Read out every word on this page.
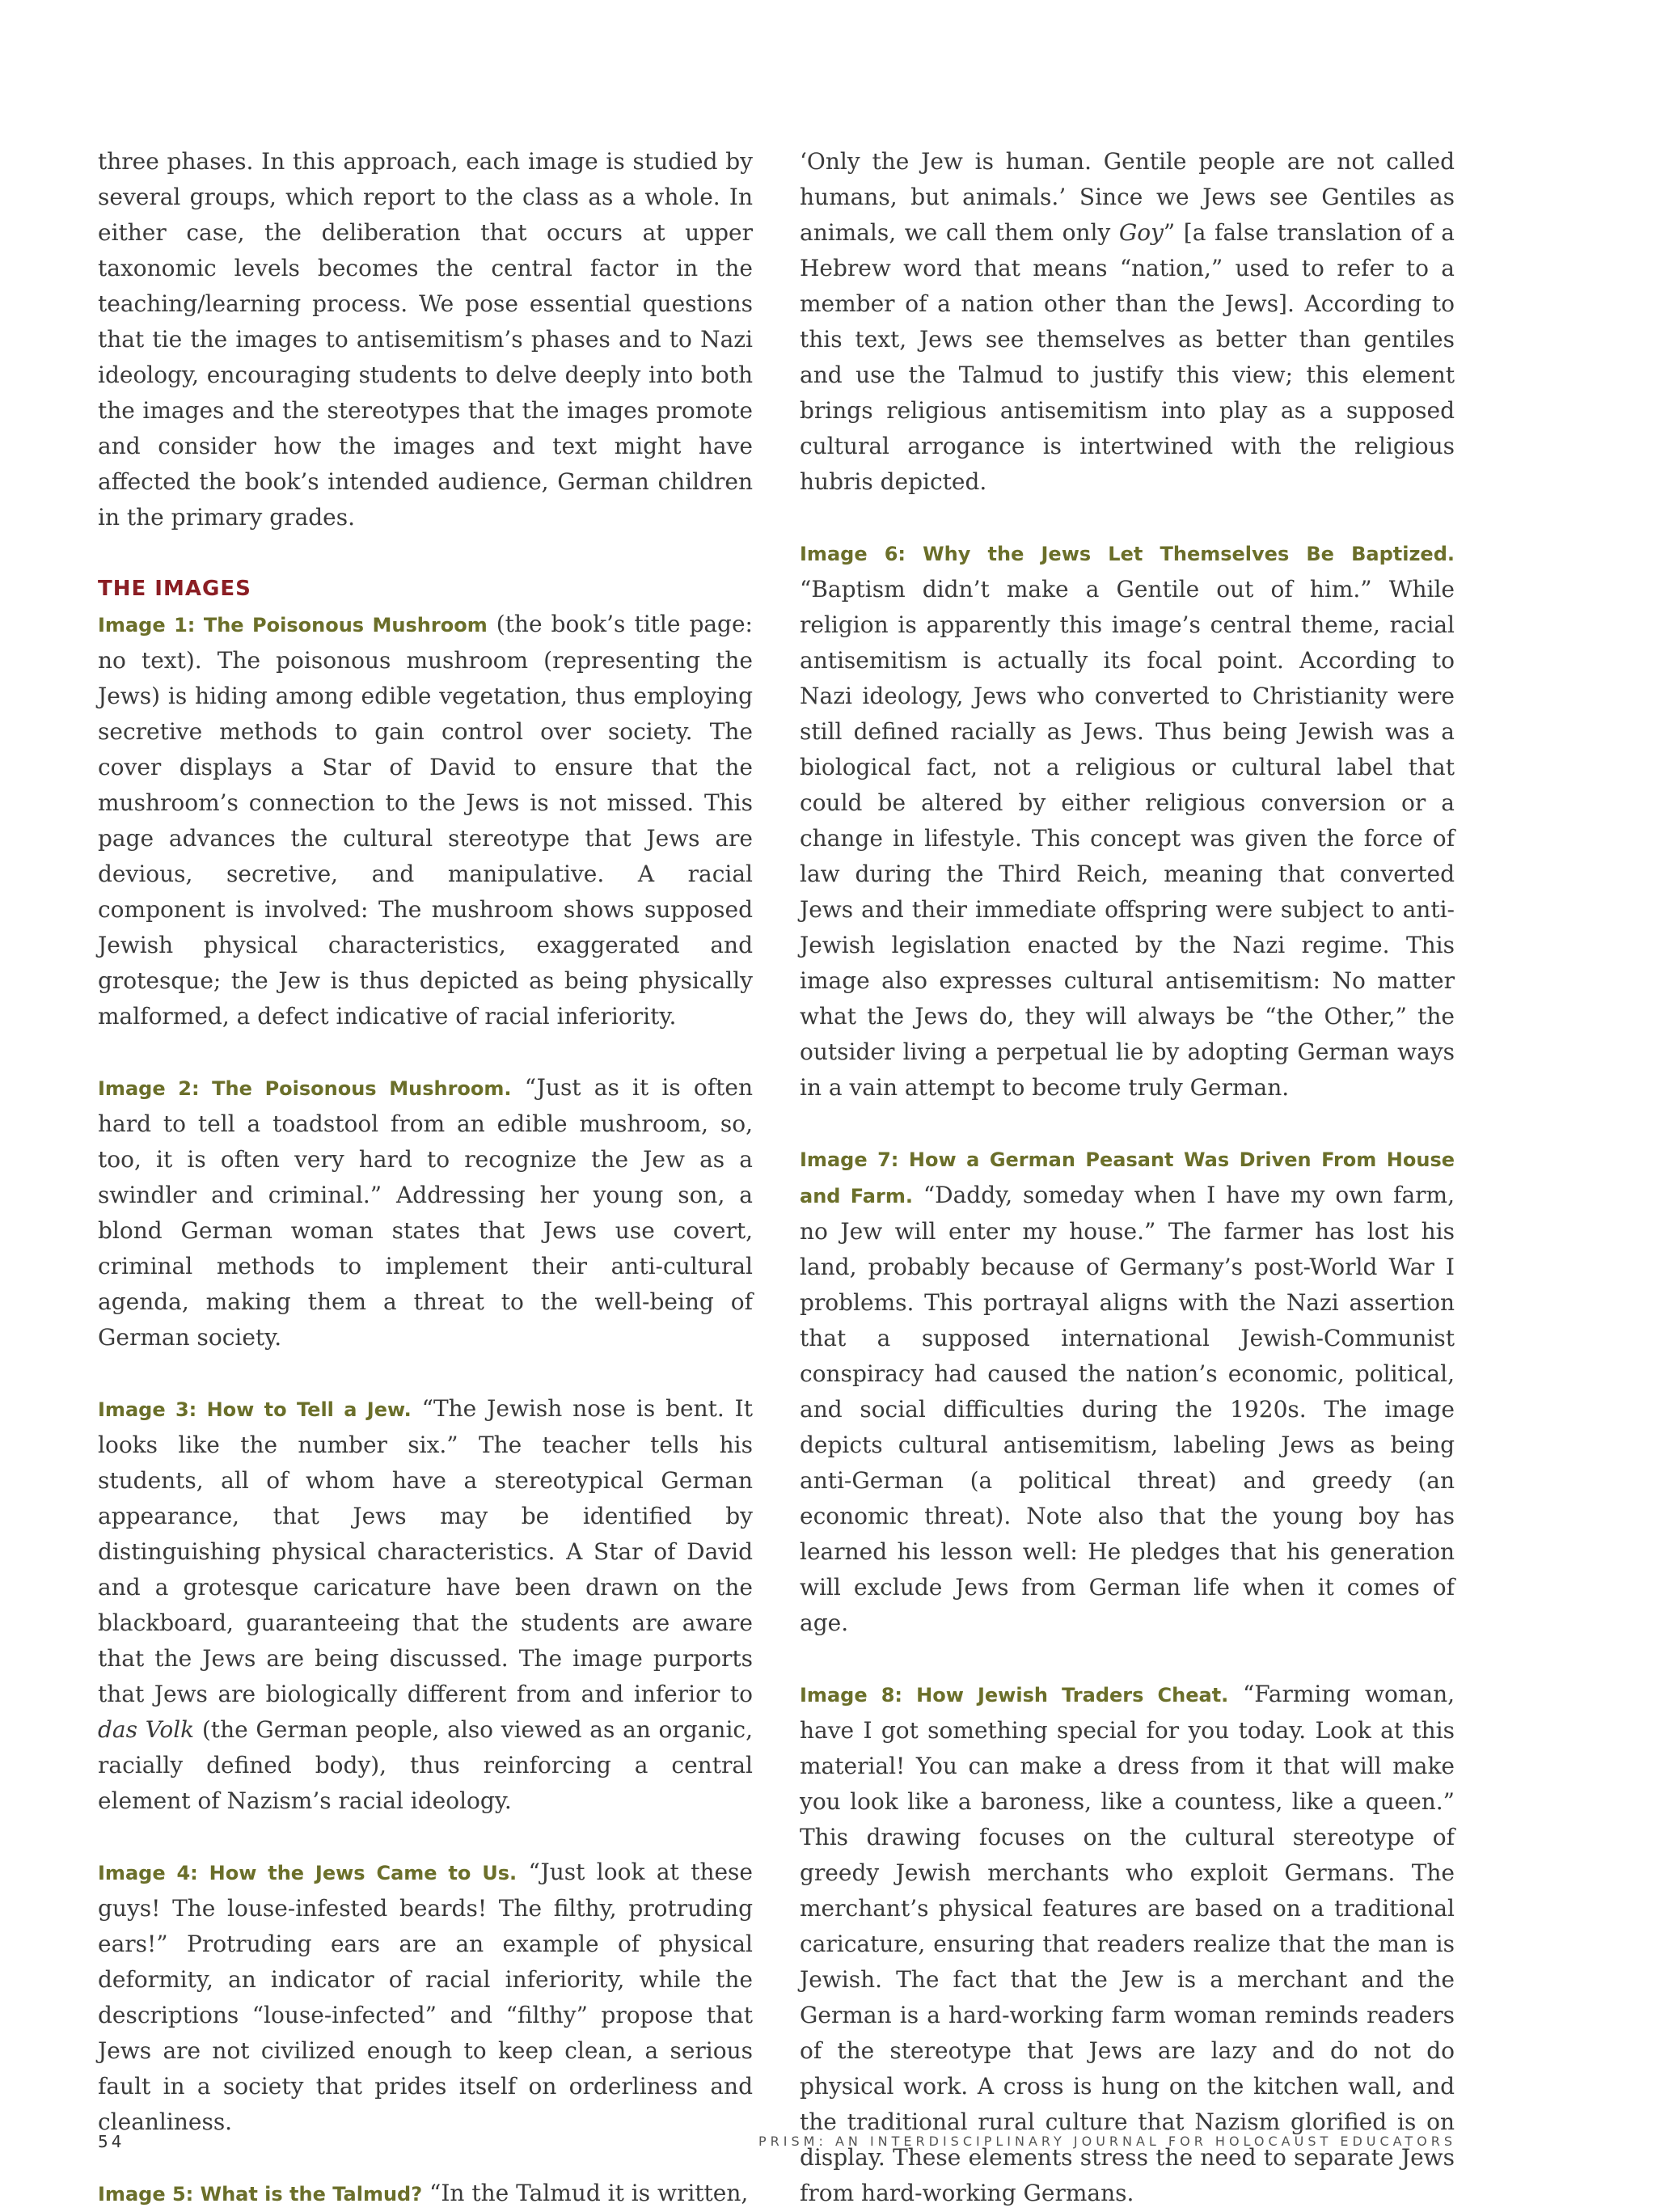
three phases. In this approach, each image is studied by several groups, which report to the class as a whole. In either case, the deliberation that occurs at upper taxonomic levels becomes the central factor in the teaching/learning process. We pose essential questions that tie the images to antisemitism’s phases and to Nazi ideology, encouraging students to delve deeply into both the images and the stereotypes that the images promote and consider how the images and text might have affected the book’s intended audience, German children in the primary grades.

THE IMAGES

Image 1: The Poisonous Mushroom (the book’s title page: no text). The poisonous mushroom (representing the Jews) is hiding among edible vegetation, thus employing secretive methods to gain control over society. The cover displays a Star of David to ensure that the mushroom’s connection to the Jews is not missed. This page advances the cultural stereotype that Jews are devious, secretive, and manipulative. A racial component is involved: The mushroom shows supposed Jewish physical characteristics, exaggerated and grotesque; the Jew is thus depicted as being physically malformed, a defect indicative of racial inferiority.

Image 2: The Poisonous Mushroom. “Just as it is often hard to tell a toadstool from an edible mushroom, so, too, it is often very hard to recognize the Jew as a swindler and criminal.” Addressing her young son, a blond German woman states that Jews use covert, criminal methods to implement their anti-cultural agenda, making them a threat to the well-being of German society.

Image 3: How to Tell a Jew. “The Jewish nose is bent. It looks like the number six.” The teacher tells his students, all of whom have a stereotypical German appearance, that Jews may be identified by distinguishing physical characteristics. A Star of David and a grotesque caricature have been drawn on the blackboard, guaranteeing that the students are aware that the Jews are being discussed. The image purports that Jews are biologically different from and inferior to das Volk (the German people, also viewed as an organic, racially defined body), thus reinforcing a central element of Nazism’s racial ideology.

Image 4: How the Jews Came to Us. “Just look at these guys! The louse-infested beards! The filthy, protruding ears!” Protruding ears are an example of physical deformity, an indicator of racial inferiority, while the descriptions “louse-infected” and “filthy” propose that Jews are not civilized enough to keep clean, a serious fault in a society that prides itself on orderliness and cleanliness.

Image 5: What is the Talmud? “In the Talmud it is written,

‘Only the Jew is human. Gentile people are not called humans, but animals.’ Since we Jews see Gentiles as animals, we call them only Goy” [a false translation of a Hebrew word that means “nation,” used to refer to a member of a nation other than the Jews]. According to this text, Jews see themselves as better than gentiles and use the Talmud to justify this view; this element brings religious antisemitism into play as a supposed cultural arrogance is intertwined with the religious hubris depicted.

Image 6: Why the Jews Let Themselves Be Baptized. “Baptism didn’t make a Gentile out of him.” While religion is apparently this image’s central theme, racial antisemitism is actually its focal point. According to Nazi ideology, Jews who converted to Christianity were still defined racially as Jews. Thus being Jewish was a biological fact, not a religious or cultural label that could be altered by either religious conversion or a change in lifestyle. This concept was given the force of law during the Third Reich, meaning that converted Jews and their immediate offspring were subject to anti-Jewish legislation enacted by the Nazi regime. This image also expresses cultural antisemitism: No matter what the Jews do, they will always be “the Other,” the outsider living a perpetual lie by adopting German ways in a vain attempt to become truly German.

Image 7: How a German Peasant Was Driven From House and Farm. “Daddy, someday when I have my own farm, no Jew will enter my house.” The farmer has lost his land, probably because of Germany’s post-World War I problems. This portrayal aligns with the Nazi assertion that a supposed international Jewish-Communist conspiracy had caused the nation’s economic, political, and social difficulties during the 1920s. The image depicts cultural antisemitism, labeling Jews as being anti-German (a political threat) and greedy (an economic threat). Note also that the young boy has learned his lesson well: He pledges that his generation will exclude Jews from German life when it comes of age.

Image 8: How Jewish Traders Cheat. “Farming woman, have I got something special for you today. Look at this material! You can make a dress from it that will make you look like a baroness, like a countess, like a queen.” This drawing focuses on the cultural stereotype of greedy Jewish merchants who exploit Germans. The merchant’s physical features are based on a traditional caricature, ensuring that readers realize that the man is Jewish. The fact that the Jew is a merchant and the German is a hard-working farm woman reminds readers of the stereotype that Jews are lazy and do not do physical work. A cross is hung on the kitchen wall, and the traditional rural culture that Nazism glorified is on display. These elements stress the need to separate Jews from hard-working Germans.

54	PRISM: AN INTERDISCIPLINARY JOURNAL FOR HOLOCAUST EDUCATORS
